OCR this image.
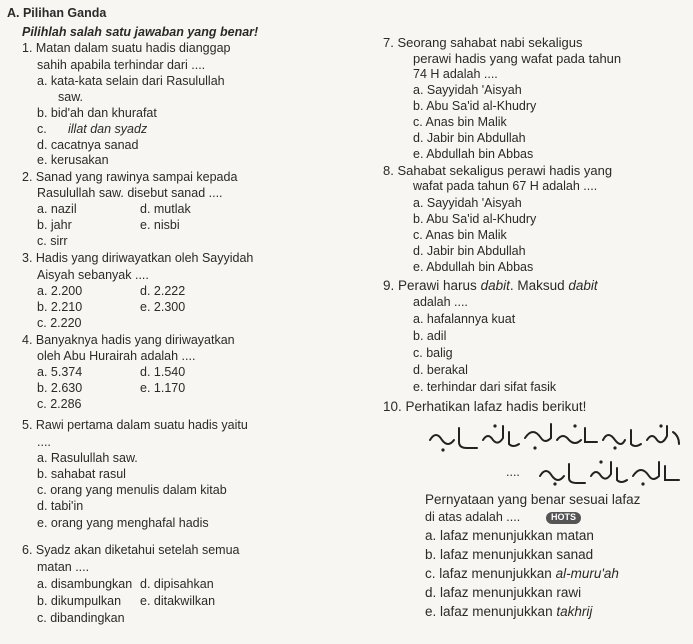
A. Pilihan Ganda
Pilihlah salah satu jawaban yang benar!
1. Matan dalam suatu hadis dianggap
sahih apabila terhindar dari ....
a. kata-kata selain dari Rasulullah
saw.
b. bid'ah dan khurafat
c. illat dan syadz
d. cacatnya sanad
e. kerusakan
2. Sanad yang rawinya sampai kepada
Rasulullah saw. disebut sanad ....
a. nazil	d. mutlak
b. jahr	e. nisbi
c. sirr
3. Hadis yang diriwayatkan oleh Sayyidah
Aisyah sebanyak ....
a. 2.200	d. 2.222
b. 2.210	e. 2.300
c. 2.220
4. Banyaknya hadis yang diriwayatkan
oleh Abu Hurairah adalah ....
a. 5.374	d. 1.540
b. 2.630	e. 1.170
c. 2.286
5. Rawi pertama dalam suatu hadis yaitu
....
a. Rasulullah saw.
b. sahabat rasul
c. orang yang menulis dalam kitab
d. tabi'in
e. orang yang menghafal hadis
6. Syadz akan diketahui setelah semua
matan ....
a. disambungkan d. dipisahkan
b. dikumpulkan e. ditakwilkan
c. dibandingkan
7. Seorang sahabat nabi sekaligus
perawi hadis yang wafat pada tahun
74 H adalah ....
a. Sayyidah 'Aisyah
b. Abu Sa'id al-Khudry
c. Anas bin Malik
d. Jabir bin Abdullah
e. Abdullah bin Abbas
8. Sahabat sekaligus perawi hadis yang
wafat pada tahun 67 H adalah ....
a. Sayyidah 'Aisyah
b. Abu Sa'id al-Khudry
c. Anas bin Malik
d. Jabir bin Abdullah
e. Abdullah bin Abbas
9. Perawi harus dabit. Maksud dabit
adalah ....
a. hafalannya kuat
b. adil
c. balig
d. berakal
e. terhindar dari sifat fasik
10. Perhatikan lafaz hadis berikut!
....
Pernyataan yang benar sesuai lafaz
di atas adalah ....	HOTS
a. lafaz menunjukkan matan
b. lafaz menunjukkan sanad
c. lafaz menunjukkan al-muru'ah
d. lafaz menunjukkan rawi
e. lafaz menunjukkan takhrij
